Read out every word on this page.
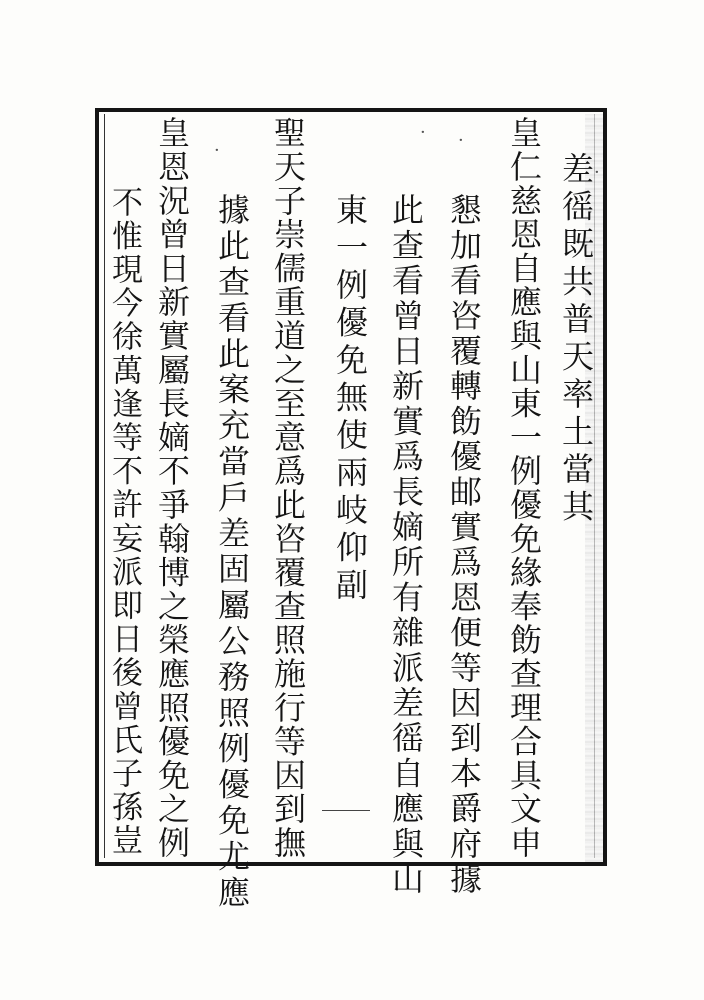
差徭既共普天率土當其
皇仁慈恩自應與山東一例優免緣奉飭查理合具文申
懇加看咨覆轉飭優邮實爲恩便等因到本爵府據
此查看曾日新實爲長嫡所有雜派差徭自應與山
東一例優免無使兩岐仰副
聖天子崇儒重道之至意爲此咨覆查照施行等因到撫
據此查看此案充當戶差固屬公務照例優免尤應
皇恩況曾日新實屬長嫡不爭翰博之榮應照優免之例
不惟現今徐萬逢等不許妄派即日後曾氏子孫豈
·
· ·
·
